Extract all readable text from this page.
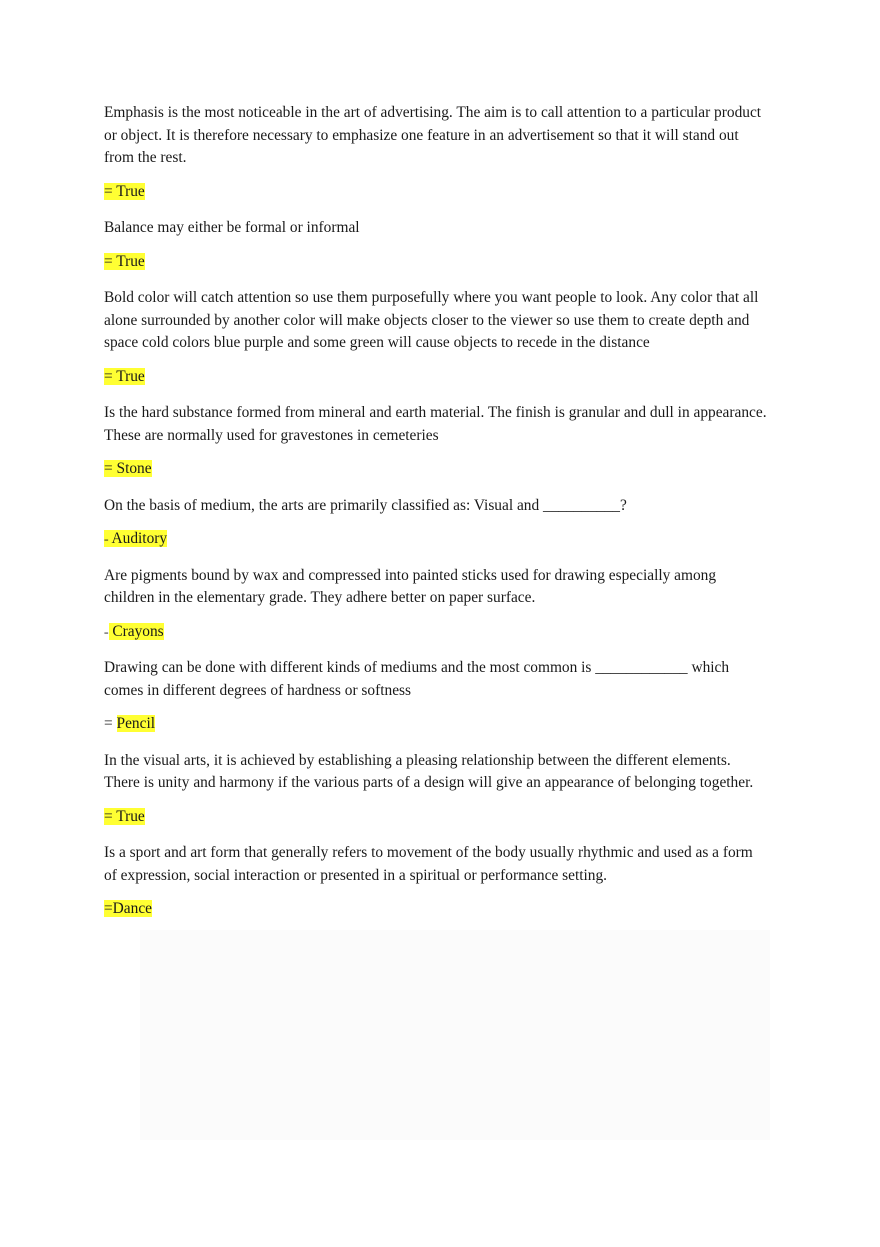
Emphasis is the most noticeable in the art of advertising. The aim is to call attention to a particular product or object. It is therefore necessary to emphasize one feature in an advertisement so that it will stand out from the rest.

= True

Balance may either be formal or informal

= True

Bold color will catch attention so use them purposefully where you want people to look. Any color that all alone surrounded by another color will make objects closer to the viewer so use them to create depth and space cold colors blue purple and some green will cause objects to recede in the distance

= True

Is the hard substance formed from mineral and earth material. The finish is granular and dull in appearance. These are normally used for gravestones in cemeteries

= Stone

On the basis of medium, the arts are primarily classified as: Visual and __________?

= Auditory

Are pigments bound by wax and compressed into painted sticks used for drawing especially among children in the elementary grade. They adhere better on paper surface.

= Crayons

Drawing can be done with different kinds of mediums and the most common is ____________ which comes in different degrees of hardness or softness

= Pencil

In the visual arts, it is achieved by establishing a pleasing relationship between the different elements. There is unity and harmony if the various parts of a design will give an appearance of belonging together.

= True

Is a sport and art form that generally refers to movement of the body usually rhythmic and used as a form of expression, social interaction or presented in a spiritual or performance setting.

=Dance
